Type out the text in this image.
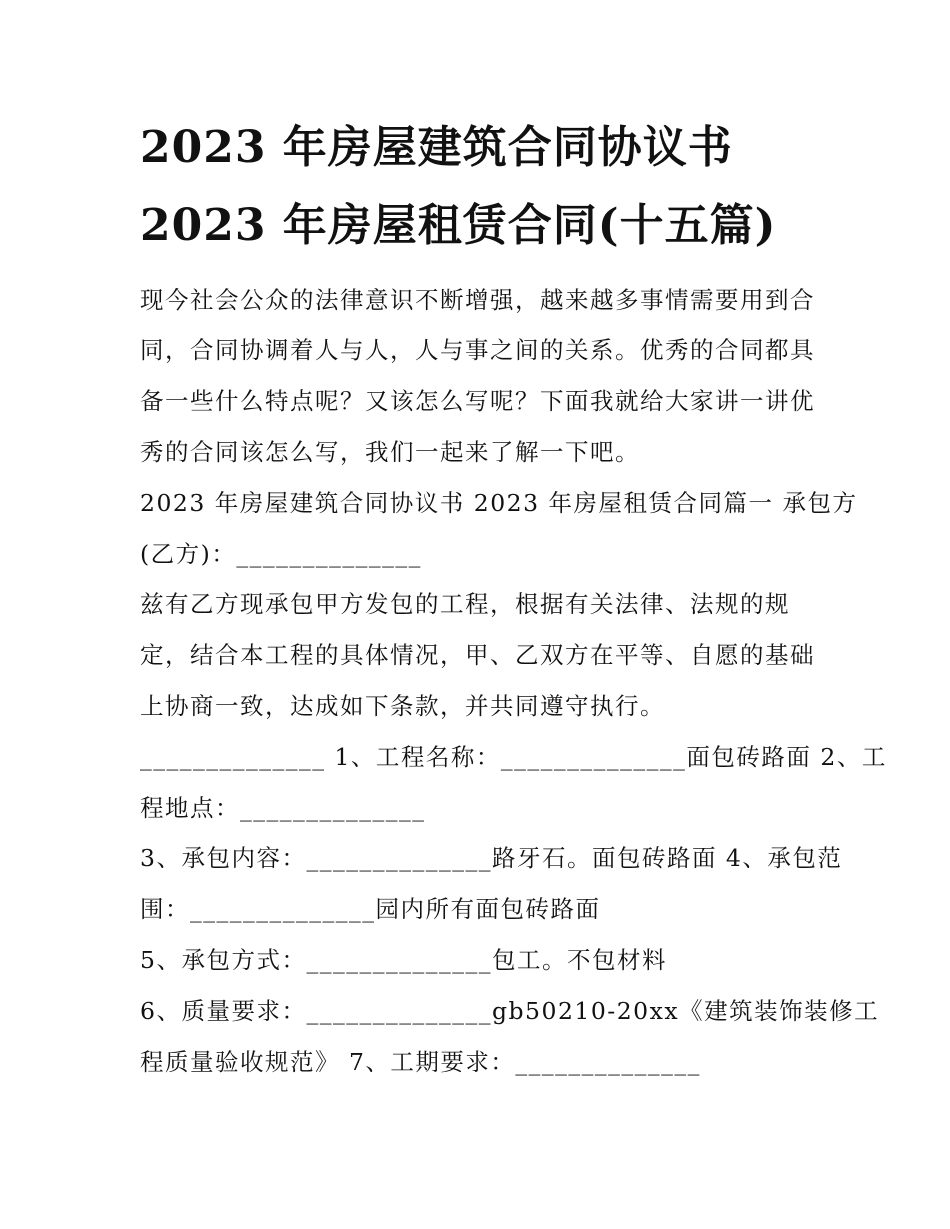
2023 年房屋建筑合同协议书
2023 年房屋租赁合同(十五篇)
现今社会公众的法律意识不断增强，越来越多事情需要用到合
同，合同协调着人与人，人与事之间的关系。优秀的合同都具
备一些什么特点呢？又该怎么写呢？下面我就给大家讲一讲优
秀的合同该怎么写，我们一起来了解一下吧。
2023 年房屋建筑合同协议书 2023 年房屋租赁合同篇一 承包方
(乙方)：______________
兹有乙方现承包甲方发包的工程，根据有关法律、法规的规
定，结合本工程的具体情况，甲、乙双方在平等、自愿的基础
上协商一致，达成如下条款，并共同遵守执行。
______________ 1、工程名称：______________面包砖路面 2、工
程地点：______________
3、承包内容：______________路牙石。面包砖路面 4、承包范
围：______________园内所有面包砖路面
5、承包方式：______________包工。不包材料
6、质量要求：______________gb50210-20xx《建筑装饰装修工
程质量验收规范》 7、工期要求：______________
